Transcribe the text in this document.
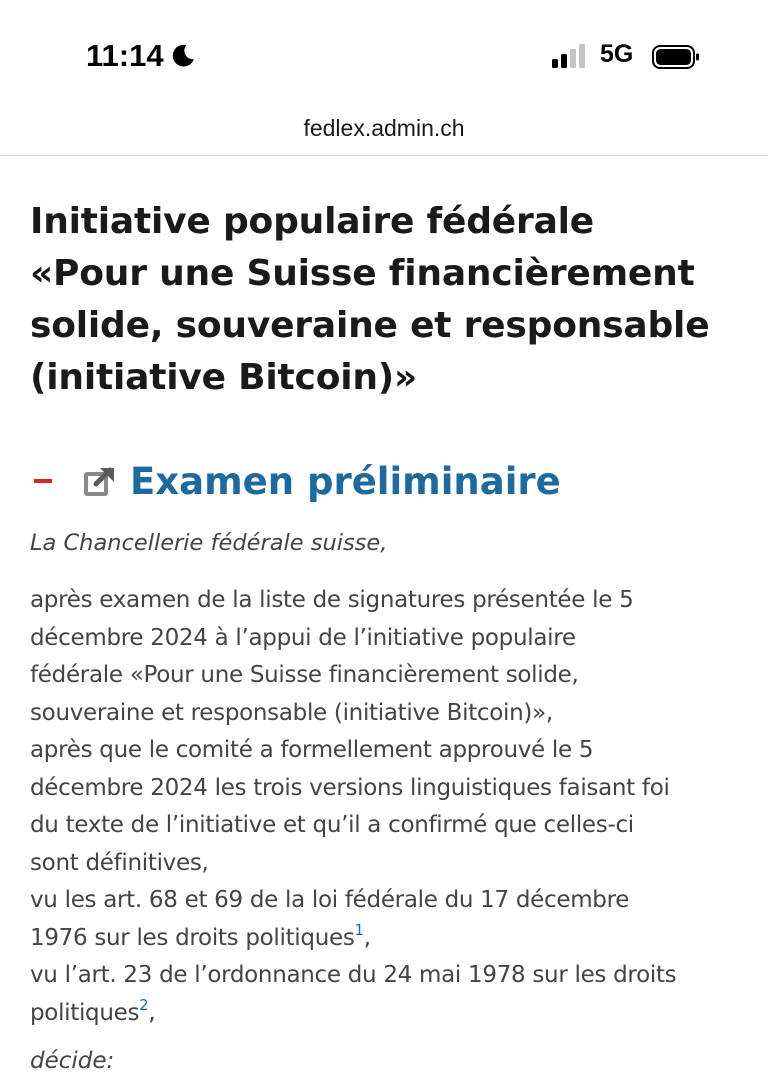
11:14	5G
fedlex.admin.ch
Initiative populaire fédérale
«Pour une Suisse financièrement
solide, souveraine et responsable
(initiative Bitcoin)»
Examen préliminaire
La Chancellerie fédérale suisse,
après examen de la liste de signatures présentée le 5
décembre 2024 à l’appui de l’initiative populaire
fédérale «Pour une Suisse financièrement solide,
souveraine et responsable (initiative Bitcoin)»,
après que le comité a formellement approuvé le 5
décembre 2024 les trois versions linguistiques faisant foi
du texte de l’initiative et qu’il a confirmé que celles-ci
sont définitives,
vu les art. 68 et 69 de la loi fédérale du 17 décembre
1976 sur les droits politiques$^1$,
vu l’art. 23 de l’ordonnance du 24 mai 1978 sur les droits
politiques$^2$,
décide:
